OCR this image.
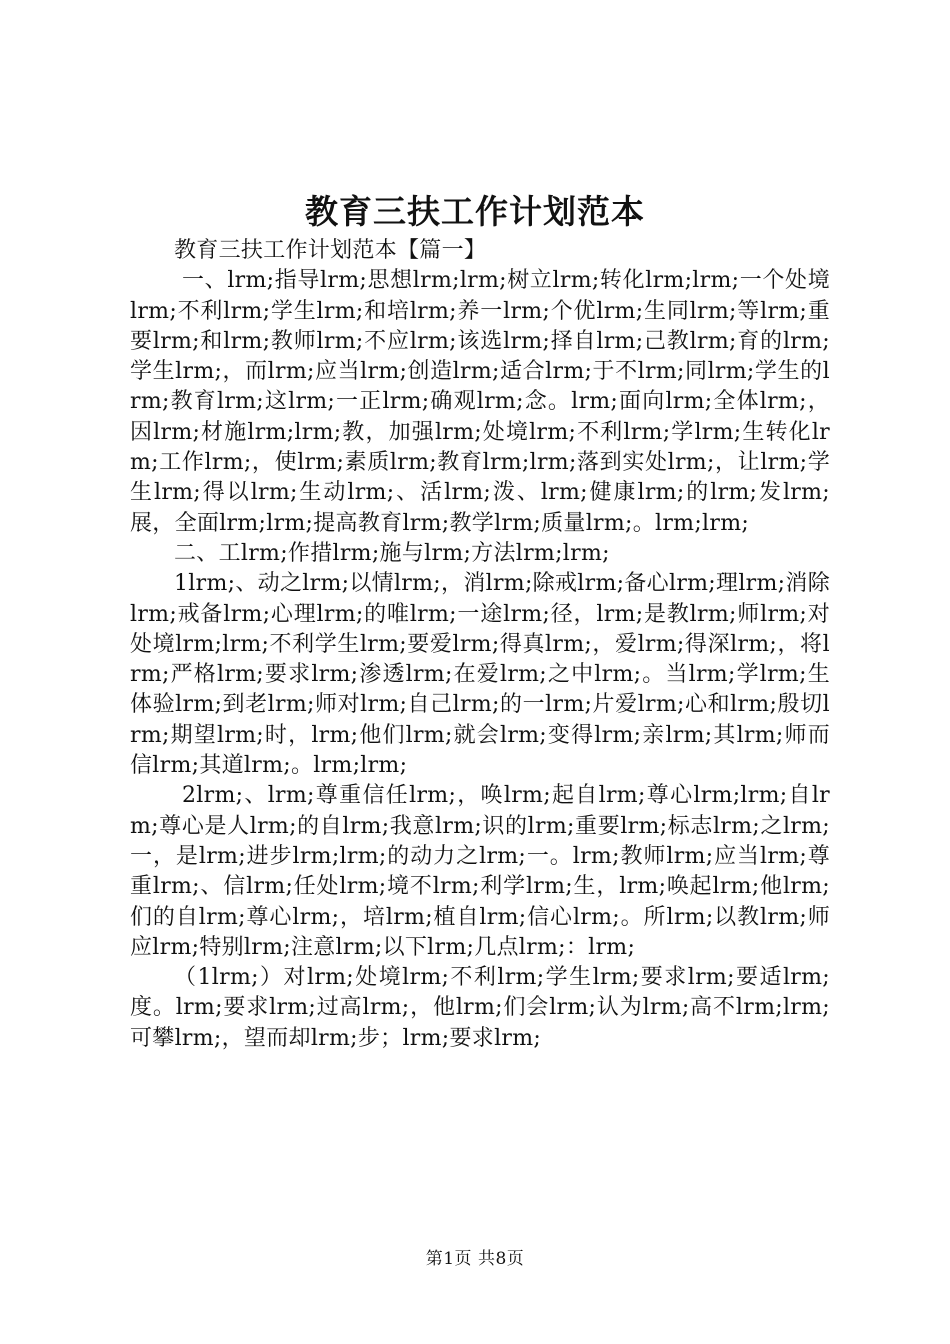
教育三扶工作计划范本

教育三扶工作计划范本【篇一】

一、lrm;指导lrm;思想lrm;lrm;树立lrm;转化lrm;lrm;一个处境lrm;不利lrm;学生lrm;和培lrm;养一lrm;个优lrm;生同lrm;等lrm;重要lrm;和lrm;教师lrm;不应lrm;该选lrm;择自lrm;己教lrm;育的lrm;学生lrm;，而lrm;应当lrm;创造lrm;适合lrm;于不lrm;同lrm;学生的lrm;教育lrm;这lrm;一正lrm;确观lrm;念。lrm;面向lrm;全体lrm;，因lrm;材施lrm;lrm;教，加强lrm;处境lrm;不利lrm;学lrm;生转化lrm;工作lrm;，使lrm;素质lrm;教育lrm;lrm;落到实处lrm;，让lrm;学生lrm;得以lrm;生动lrm;、活lrm;泼、lrm;健康lrm;的lrm;发lrm;展，全面lrm;lrm;提高教育lrm;教学lrm;质量lrm;。lrm;lrm;

二、工lrm;作措lrm;施与lrm;方法lrm;lrm;

1lrm;、动之lrm;以情lrm;，消lrm;除戒lrm;备心lrm;理lrm;消除lrm;戒备lrm;心理lrm;的唯lrm;一途lrm;径，lrm;是教lrm;师lrm;对处境lrm;lrm;不利学生lrm;要爱lrm;得真lrm;，爱lrm;得深lrm;，将lrm;严格lrm;要求lrm;渗透lrm;在爱lrm;之中lrm;。当lrm;学lrm;生体验lrm;到老lrm;师对lrm;自己lrm;的一lrm;片爱lrm;心和lrm;殷切lrm;期望lrm;时，lrm;他们lrm;就会lrm;变得lrm;亲lrm;其lrm;师而信lrm;其道lrm;。lrm;lrm;

2lrm;、lrm;尊重信任lrm;，唤lrm;起自lrm;尊心lrm;lrm;自lrm;尊心是人lrm;的自lrm;我意lrm;识的lrm;重要lrm;标志lrm;之lrm;一，是lrm;进步lrm;lrm;的动力之lrm;一。lrm;教师lrm;应当lrm;尊重lrm;、信lrm;任处lrm;境不lrm;利学lrm;生，lrm;唤起lrm;他lrm;们的自lrm;尊心lrm;，培lrm;植自lrm;信心lrm;。所lrm;以教lrm;师应lrm;特别lrm;注意lrm;以下lrm;几点lrm;：lrm;

（1lrm;）对lrm;处境lrm;不利lrm;学生lrm;要求lrm;要适lrm;度。lrm;要求lrm;过高lrm;，他lrm;们会lrm;认为lrm;高不lrm;lrm;可攀lrm;，望而却lrm;步；lrm;要求lrm;

第1页 共8页
